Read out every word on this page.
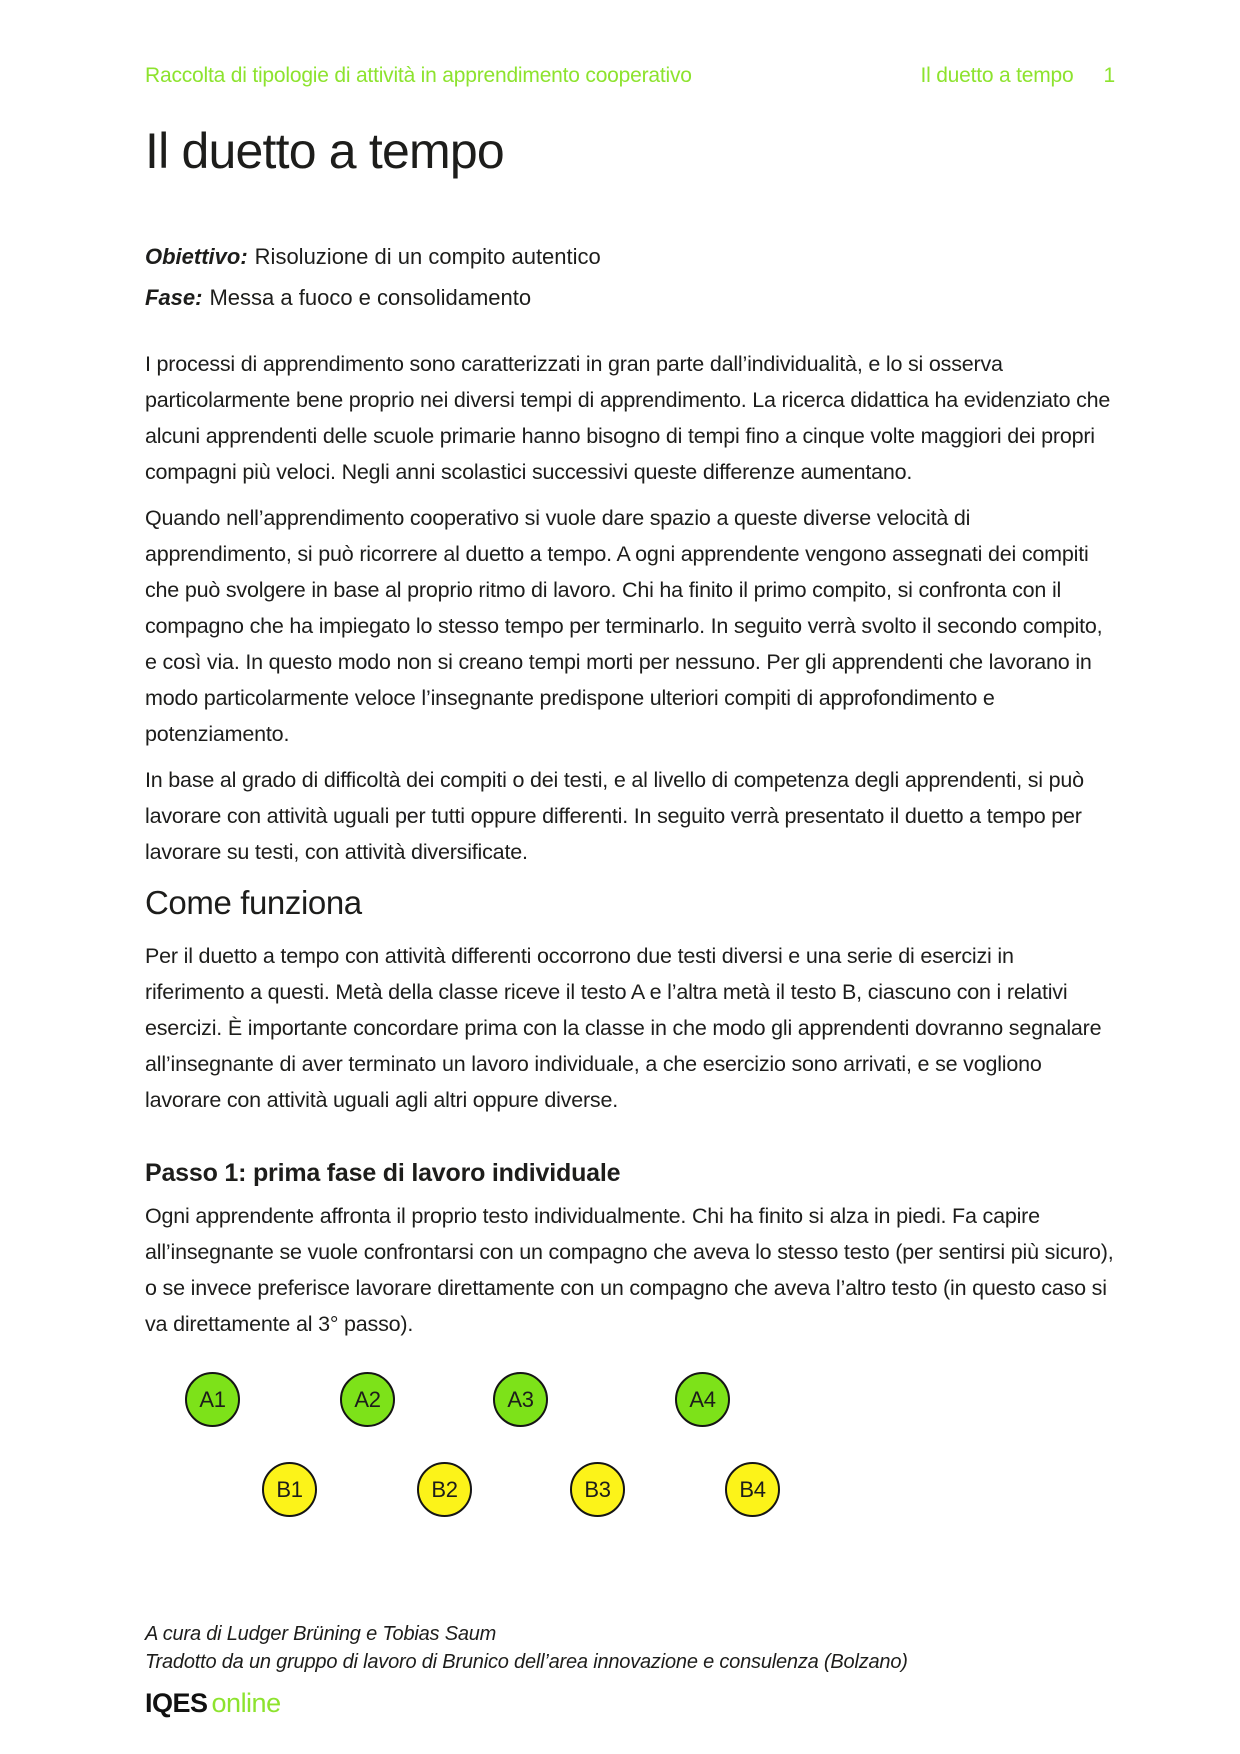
Raccolta di tipologie di attività in apprendimento cooperativo	Il duetto a tempo 1
Il duetto a tempo

Obiettivo: Risoluzione di un compito autentico

Fase: Messa a fuoco e consolidamento

I processi di apprendimento sono caratterizzati in gran parte dall’individualità, e lo si osserva particolarmente bene proprio nei diversi tempi di apprendimento. La ricerca didattica ha evidenziato che alcuni apprendenti delle scuole primarie hanno bisogno di tempi fino a cinque volte maggiori dei propri compagni più veloci. Negli anni scolastici successivi queste differenze aumentano.

Quando nell’apprendimento cooperativo si vuole dare spazio a queste diverse velocità di apprendimento, si può ricorrere al duetto a tempo. A ogni apprendente vengono assegnati dei compiti che può svolgere in base al proprio ritmo di lavoro. Chi ha finito il primo compito, si confronta con il compagno che ha impiegato lo stesso tempo per terminarlo. In seguito verrà svolto il secondo compito, e così via. In questo modo non si creano tempi morti per nessuno. Per gli apprendenti che lavorano in modo particolarmente veloce l’insegnante predispone ulteriori compiti di approfondimento e potenziamento.

In base al grado di difficoltà dei compiti o dei testi, e al livello di competenza degli apprendenti, si può lavorare con attività uguali per tutti oppure differenti. In seguito verrà presentato il duetto a tempo per lavorare su testi, con attività diversificate.

Come funziona

Per il duetto a tempo con attività differenti occorrono due testi diversi e una serie di esercizi in riferimento a questi. Metà della classe riceve il testo A e l’altra metà il testo B, ciascuno con i relativi esercizi. È importante concordare prima con la classe in che modo gli apprendenti dovranno segnalare all’insegnante di aver terminato un lavoro individuale, a che esercizio sono arrivati, e se vogliono lavorare con attività uguali agli altri oppure diverse.

Passo 1: prima fase di lavoro individuale

Ogni apprendente affronta il proprio testo individualmente. Chi ha finito si alza in piedi. Fa capire all’insegnante se vuole confrontarsi con un compagno che aveva lo stesso testo (per sentirsi più sicuro), o se invece preferisce lavorare direttamente con un compagno che aveva l’altro testo (in questo caso si va direttamente al 3° passo).

A1	A2	A3	A4
B1	B2	B3	B4

A cura di Ludger Brüning e Tobias Saum

Tradotto da un gruppo di lavoro di Brunico dell’area innovazione e consulenza (Bolzano)

IQES online
